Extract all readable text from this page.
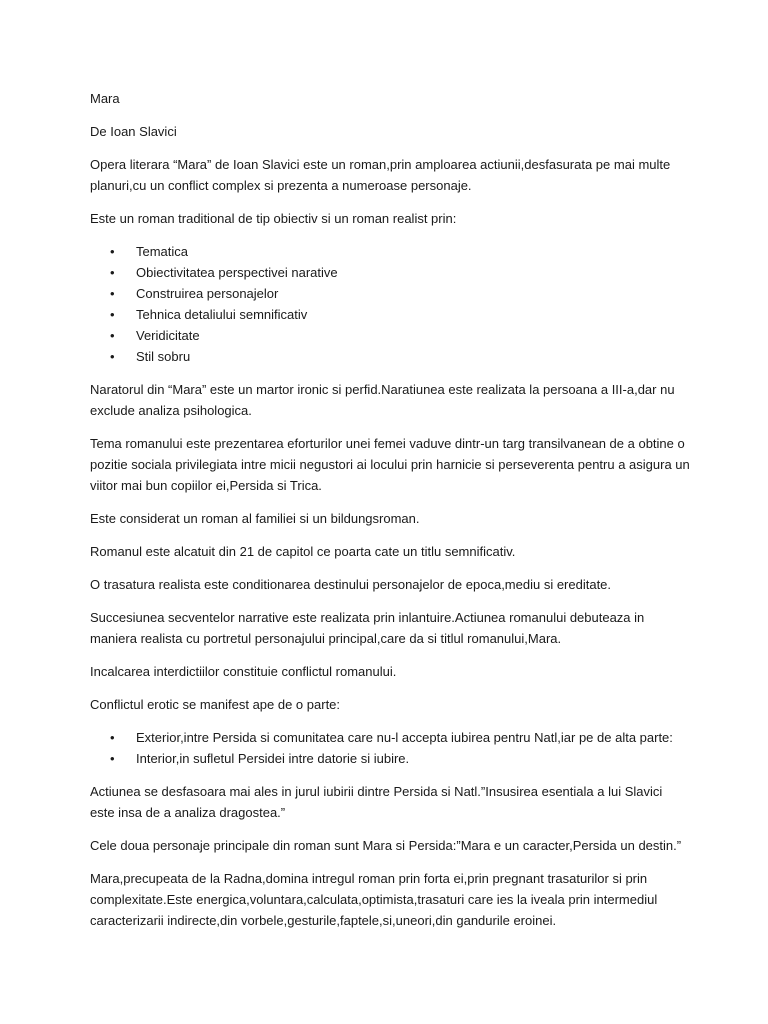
Mara

De Ioan Slavici

Opera literara “Mara” de Ioan Slavici este un roman,prin amploarea actiunii,desfasurata pe mai multe planuri,cu un conflict complex si prezenta a numeroase personaje.

Este un roman traditional de tip obiectiv si un roman realist prin:

• Tematica
• Obiectivitatea perspectivei narative
• Construirea personajelor
• Tehnica detaliului semnificativ
• Veridicitate
• Stil sobru

Naratorul din “Mara” este un martor ironic si perfid.Naratiunea este realizata la persoana a III-a,dar nu exclude analiza psihologica.

Tema romanului este prezentarea eforturilor unei femei vaduve dintr-un targ transilvanean de a obtine o pozitie sociala privilegiata intre micii negustori ai locului prin harnicie si perseverenta pentru a asigura un viitor mai bun copiilor ei,Persida si Trica.

Este considerat un roman al familiei si un bildungsroman.

Romanul este alcatuit din 21 de capitol ce poarta cate un titlu semnificativ.

O trasatura realista este conditionarea destinului personajelor de epoca,mediu si ereditate.

Succesiunea secventelor narrative este realizata prin inlantuire.Actiunea romanului debuteaza in maniera realista cu portretul personajului principal,care da si titlul romanului,Mara.

Incalcarea interdictiilor constituie conflictul romanului.

Conflictul erotic se manifest ape de o parte:

• Exterior,intre Persida si comunitatea care nu-l accepta iubirea pentru Natl,iar pe de alta parte:
• Interior,in sufletul Persidei intre datorie si iubire.

Actiunea se desfasoara mai ales in jurul iubirii dintre Persida si Natl.”Insusirea esentiala a lui Slavici este insa de a analiza dragostea.”

Cele doua personaje principale din roman sunt Mara si Persida:”Mara e un caracter,Persida un destin.”

Mara,precupeata de la Radna,domina intregul roman prin forta ei,prin pregnant trasaturilor si prin complexitate.Este energica,voluntara,calculata,optimista,trasaturi care ies la iveala prin intermediul caracterizarii indirecte,din vorbele,gesturile,faptele,si,uneori,din gandurile eroinei.
